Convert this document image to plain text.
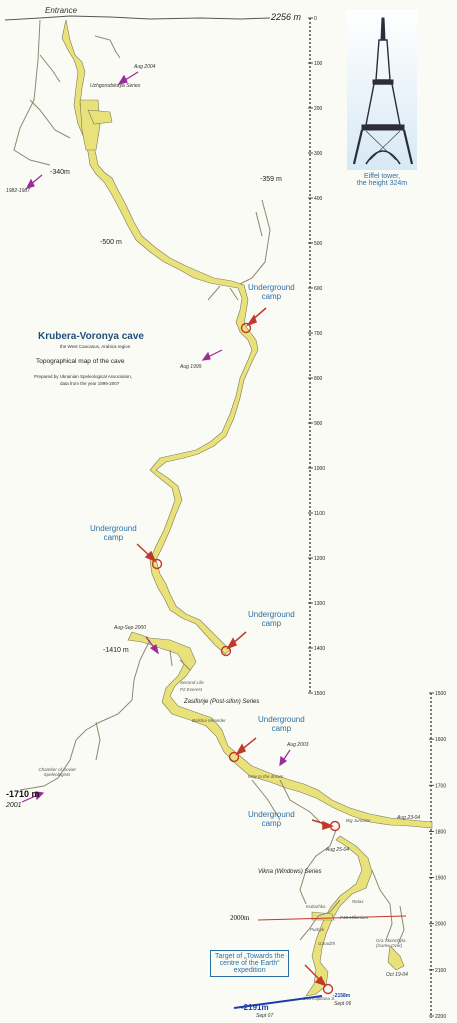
0
100
200
300
400
500
600
700
800
900
1000
1100
1200
1300
1400
1500	1500
1600
1700
1800
1900
2000
2100
2200
Entrance
2256 m
Eiffel tower,
the height 324m
Krubera-Voronya cave
the West Caucasus, Arabica region
Topographical map of the cave
Prepared by Ukrainian Speleological Association,
data from the year 1999-2007
-340m
-359 m
-500 m
-1410 m
-1710 m
2000m
-2191m
-2158m
1982-1987
Aug 2004
Aug 1999
Aug-Sep 2000
2001
Aug 2003
Aug 23-04
Aug 25-04
Oct 19-04
Sept 06
Sept 07
Uzhgorodskaya Series
Zasifonje (Post-sifon) Series
Vikna (Windows) Series
Way to the dream
Chamber of Soviet Speleologists
Big Junction
Dva Kapitana S.
Gra Skonchyla (Game Over)
Kvitozhka
Pudryk
P40 Millenium
Relax
Garadzh
Second Life
P2 Everest
Bolshoi Meander
Underground
camp
Underground
camp
Underground
camp
Underground
camp
Underground
camp
Target of „Towards the
centre of the Earth“
expedition
